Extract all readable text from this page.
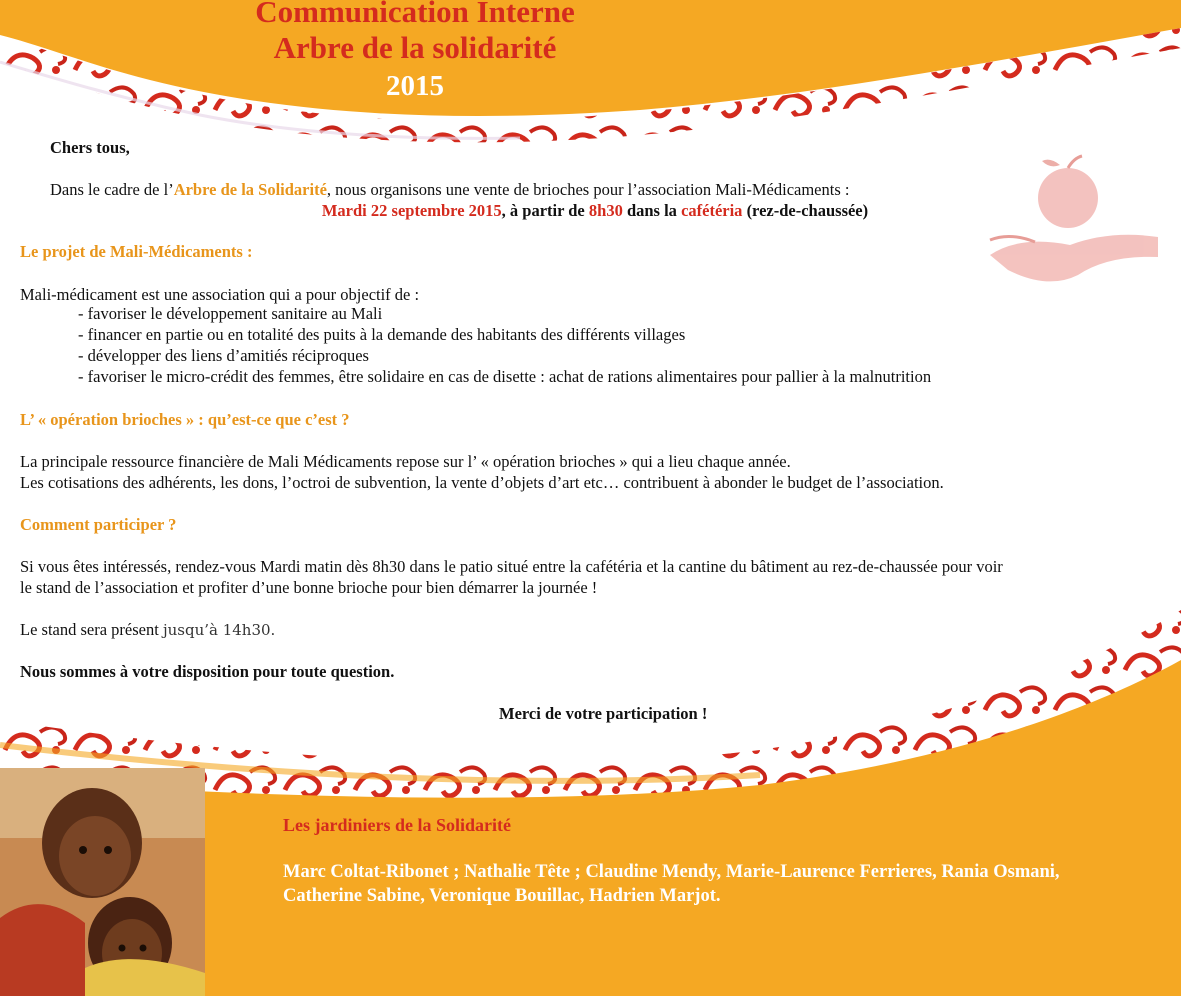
Communication Interne
Arbre de la solidarité
2015
Chers tous,
Dans le cadre de l’Arbre de la Solidarité, nous organisons une vente de brioches pour l’association Mali-Médicaments :
Mardi 22 septembre 2015, à partir de 8h30 dans la cafétéria (rez-de-chaussée)
Le projet de Mali-Médicaments :
Mali-médicament est une association qui a pour objectif de :
- favoriser le développement sanitaire au Mali
- financer en partie ou en totalité des puits à la demande des habitants des différents villages
- développer des liens d’amitiés réciproques
- favoriser le micro-crédit des femmes, être solidaire en cas de disette : achat de rations alimentaires pour pallier à la malnutrition
L’ « opération brioches » : qu’est-ce que c’est ?
La principale ressource financière de Mali Médicaments repose sur l’ « opération brioches » qui a lieu chaque année.
Les cotisations des adhérents, les dons, l’octroi de subvention, la vente d’objets d’art etc… contribuent à abonder le budget de l’association.
Comment participer ?
Si vous êtes intéressés, rendez-vous Mardi matin dès 8h30 dans le patio situé entre la cafétéria et la cantine du bâtiment au rez-de-chaussée pour voir
le stand de l’association et profiter d’une bonne brioche pour bien démarrer la journée !
Le stand sera présent jusqu’à 14h30.
Nous sommes à votre disposition pour toute question.
Merci de votre participation !
Les jardiniers de la Solidarité
Marc Coltat-Ribonet ; Nathalie Tête ; Claudine Mendy, Marie-Laurence Ferrieres, Rania Osmani, Catherine Sabine, Veronique Bouillac, Hadrien Marjot.
